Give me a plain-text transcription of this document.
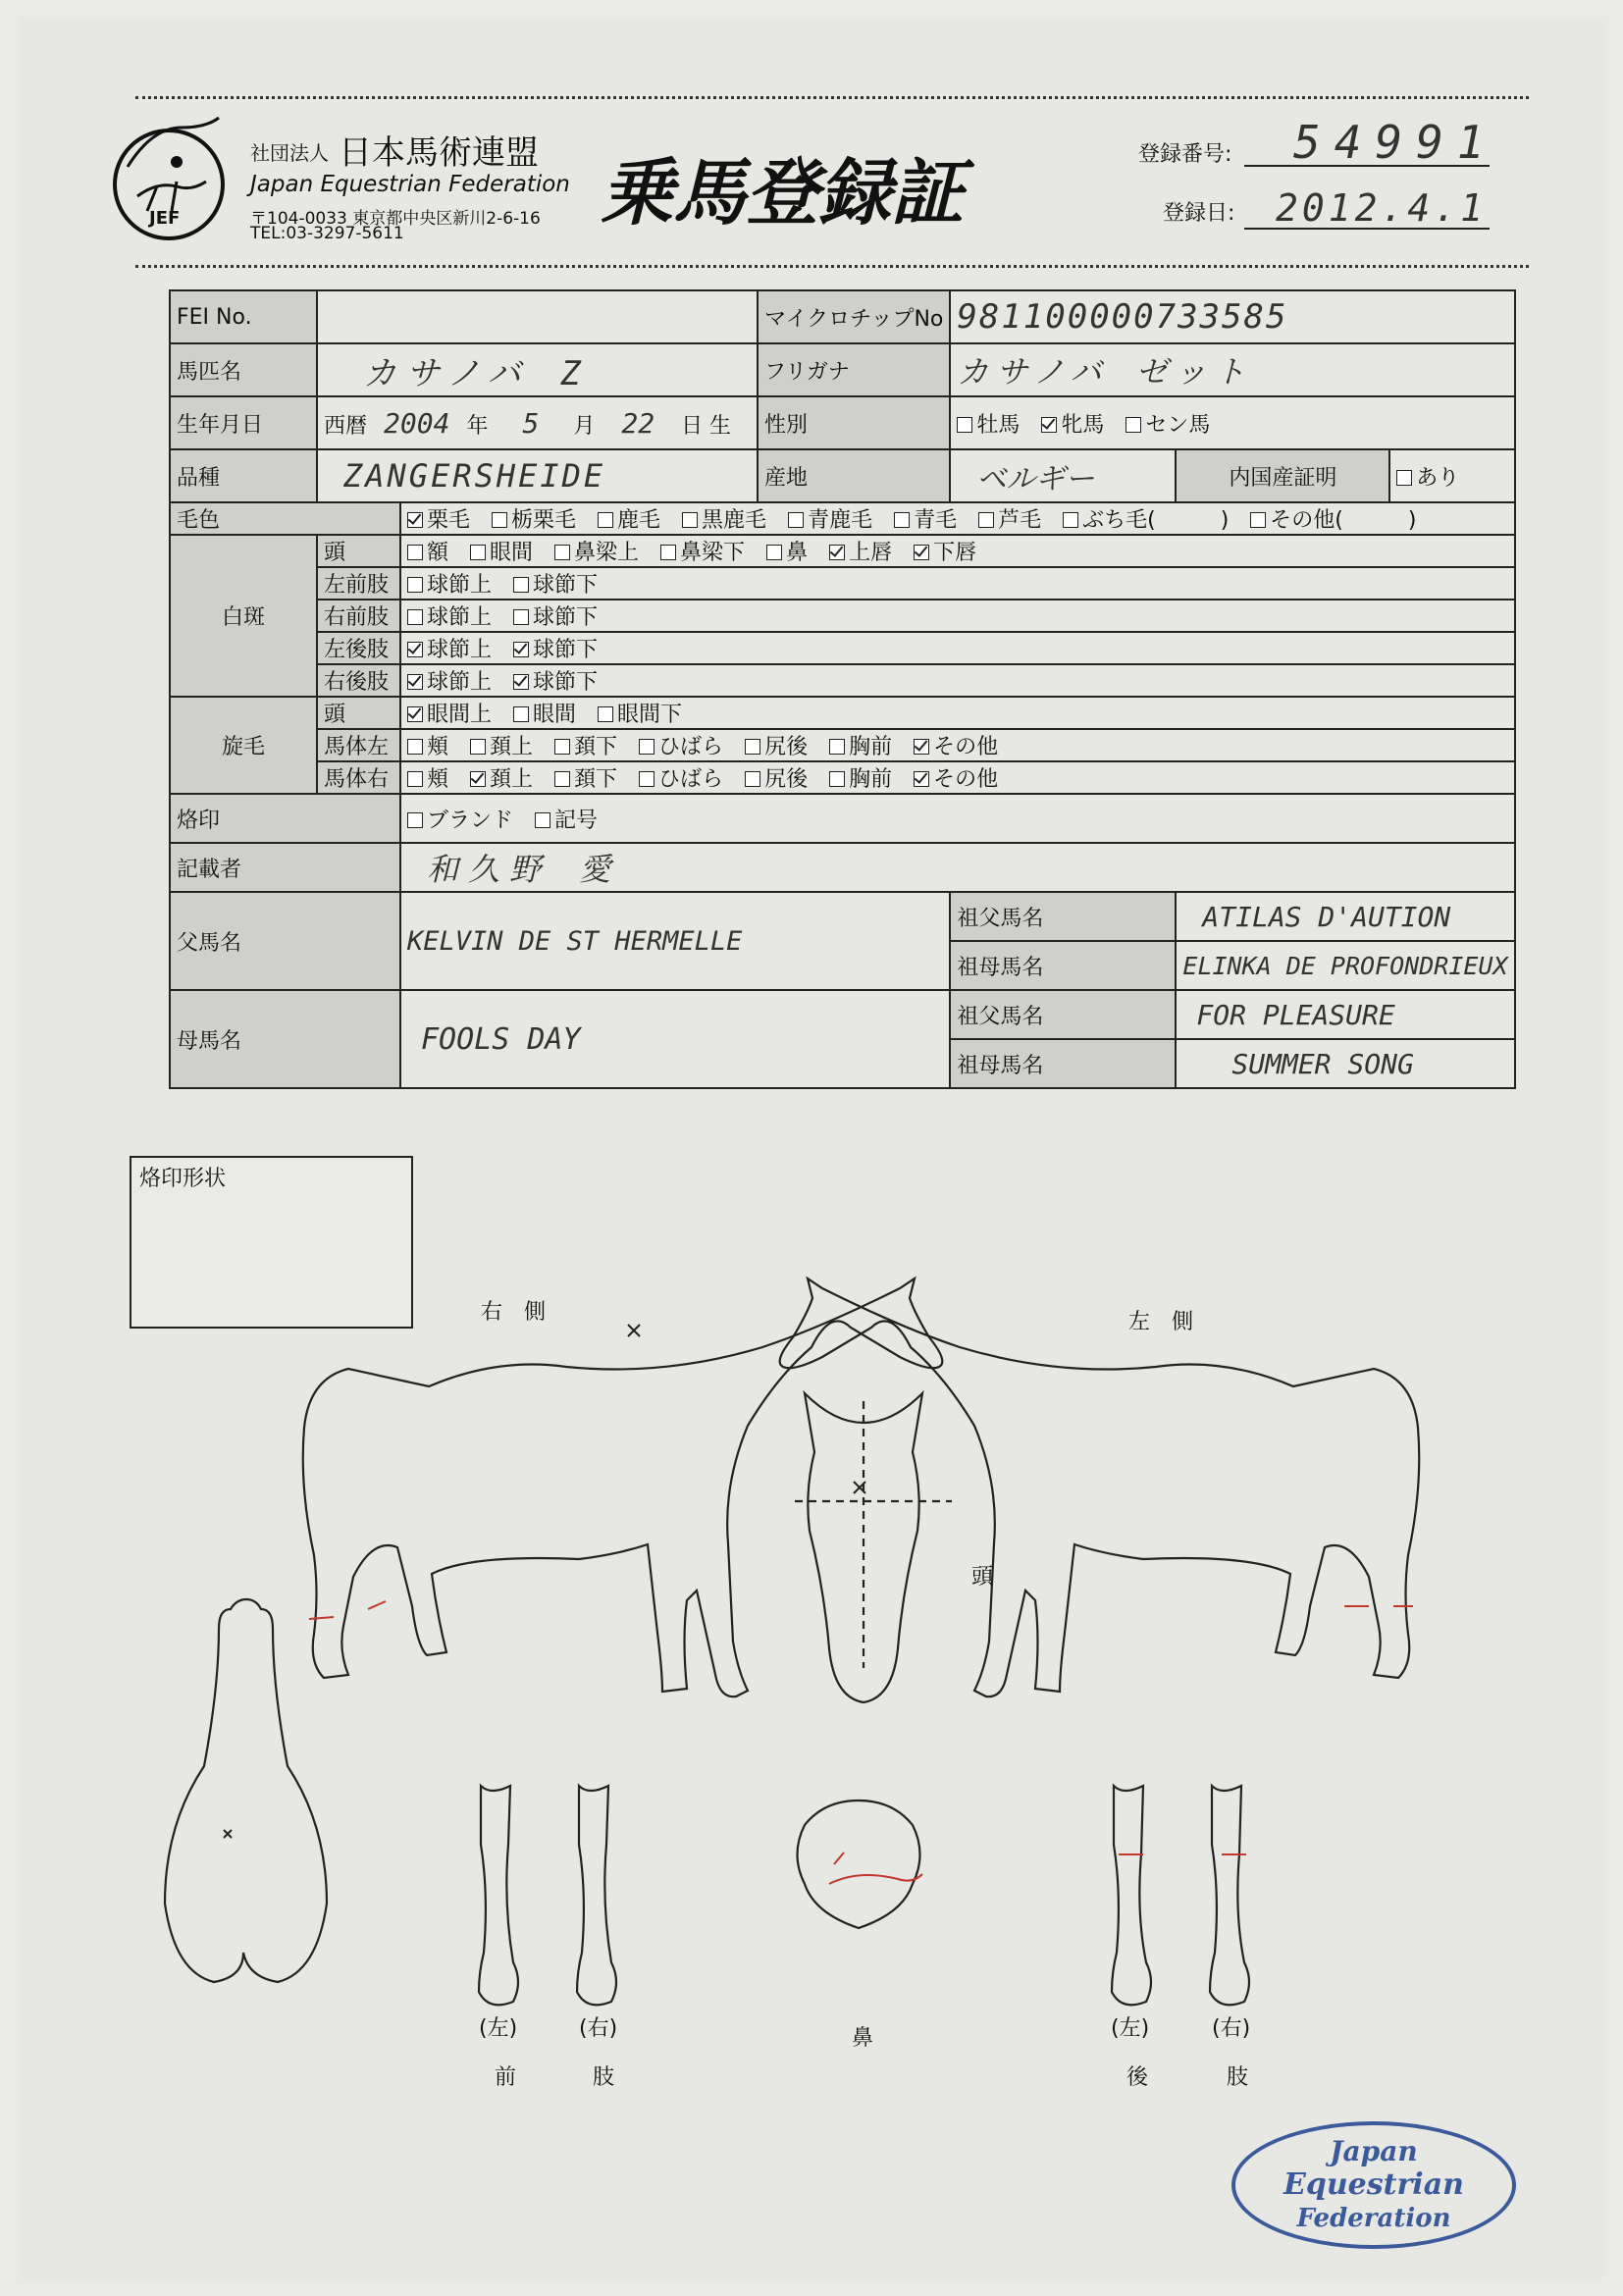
JEF
社団法人 日本馬術連盟
Japan Equestrian Federation
〒104-0033 東京都中央区新川2-6-16
TEL:03-3297-5611	乗馬登録証	登録番号: 54991
登録日: 2012.4.1
FEI No.			マイクロチップNo	981100000733585		
馬匹名	カサノバ Z		フリガナ	カサノバ ゼット		
生年月日	西暦 2004 年 5 月 22 日 生		性別	牡馬 牝馬 セン馬		
品種	ZANGERSHEIDE		産地	ベルギー	内国産証明	あり
毛色		栗毛 栃栗毛 鹿毛 黒鹿毛 青鹿毛 青毛 芦毛 ぶち毛(　　　) その他(　　　)				
白斑	頭	額 眼間 鼻梁上 鼻梁下 鼻 上唇 下唇				
	左前肢	球節上 球節下				
	右前肢	球節上 球節下				
	左後肢	球節上 球節下				
	右後肢	球節上 球節下				
旋毛	頭	眼間上 眼間 眼間下				
	馬体左	頬 頚上 頚下 ひばら 尻後 胸前 その他				
	馬体右	頬 頚上 頚下 ひばら 尻後 胸前 その他				
烙印		ブランド 記号				
記載者		和久野 愛				
父馬名		KELVIN DE ST HERMELLE		祖父馬名	ATILAS D'AUTION	
				祖母馬名	ELINKA DE PROFONDRIEUX	
母馬名		FOOLS DAY		祖父馬名	FOR PLEASURE	
				祖母馬名	SUMMER SONG	
烙印形状
右　側	左　側
頭
鼻
(左)	(右)
前	肢
(左)	(右)
後	肢
Japan
Equestrian
Federation
